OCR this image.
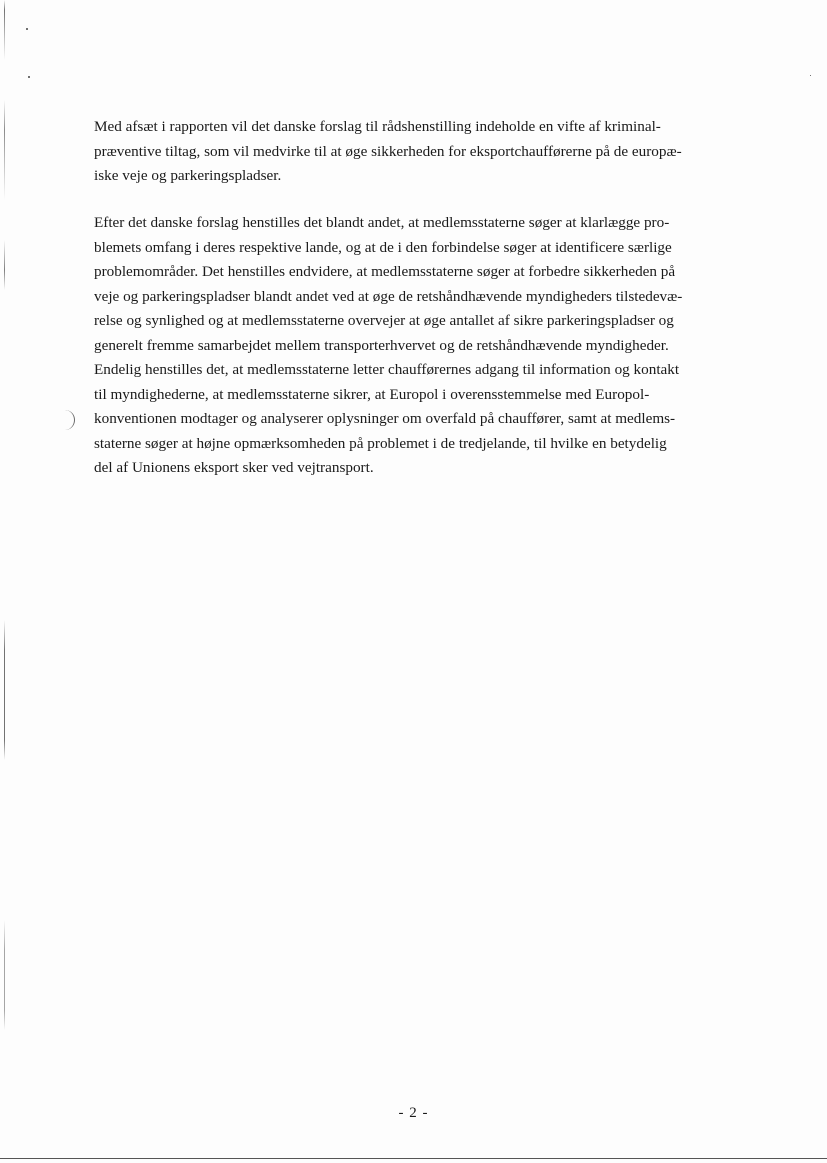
Med afsæt i rapporten vil det danske forslag til rådshenstilling indeholde en vifte af kriminal-
præventive tiltag, som vil medvirke til at øge sikkerheden for eksportchaufførerne på de europæ-
iske veje og parkeringspladser.
Efter det danske forslag henstilles det blandt andet, at medlemsstaterne søger at klarlægge pro-
blemets omfang i deres respektive lande, og at de i den forbindelse søger at identificere særlige
problemområder. Det henstilles endvidere, at medlemsstaterne søger at forbedre sikkerheden på
veje og parkeringspladser blandt andet ved at øge de retshåndhævende myndigheders tilstedevæ-
relse og synlighed og at medlemsstaterne overvejer at øge antallet af sikre parkeringspladser og
generelt fremme samarbejdet mellem transporterhvervet og de retshåndhævende myndigheder.
Endelig henstilles det, at medlemsstaterne letter chaufførernes adgang til information og kontakt
til myndighederne, at medlemsstaterne sikrer, at Europol i overensstemmelse med Europol-
konventionen modtager og analyserer oplysninger om overfald på chauffører, samt at medlems-
staterne søger at højne opmærksomheden på problemet i de tredjelande, til hvilke en betydelig
del af Unionens eksport sker ved vejtransport.
- 2 -
